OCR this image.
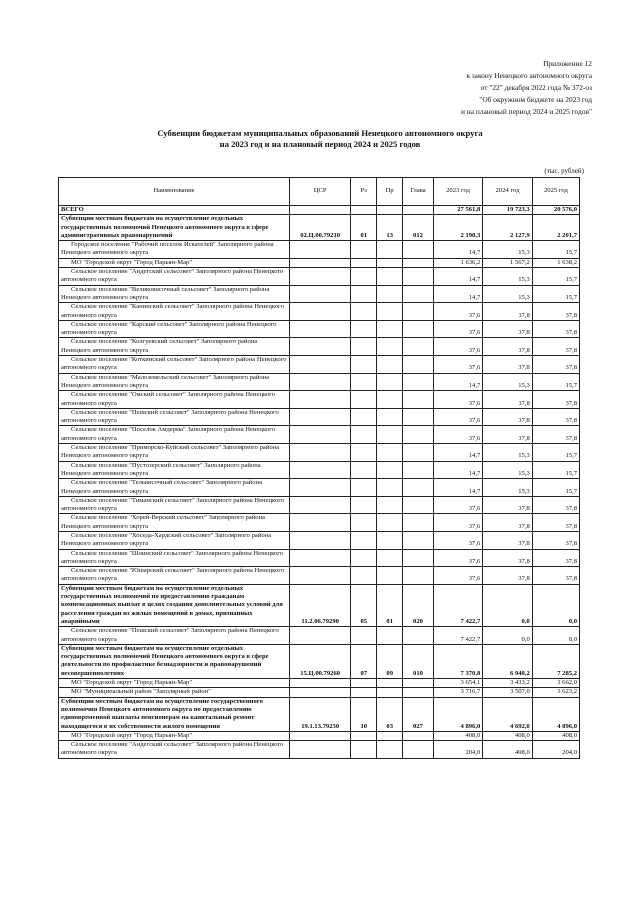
Приложение 12
к закону Ненецкого автономного округа
от "22" декабря 2022 года № 372-оз
"Об окружном бюджете на 2023 год
и на плановый период 2024 и 2025 годов"
Субвенции бюджетам муниципальных образований Ненецкого автономного округа
на 2023 год и на плановый период 2024 и 2025 годов
(тыс. рублей)
Наименование	ЦСР	Рз	Пр	Глава	2023 год	2024 год	2025 год
ВСЕГО					27 561,8	19 723,3	20 576,0
Субвенции местным бюджетам на осуществление отдельных государственных полномочий Ненецкого автономного округа в сфере административных правонарушений	02.Ц.00.79210	01	13	012	2 190,3	2 127,9	2 201,7
Городское поселение "Рабочий поселок Искателей" Заполярного района Ненецкого автономного округа					14,7	15,3	15,7
МО "Городской округ "Город Нарьян-Мар"					1 636,2	1 567,2	1 638,2
Сельское поселение "Андегский сельсовет" Заполярного района Ненецкого автономного округа					14,7	15,3	15,7
Сельское поселение "Великовисочный сельсовет" Заполярного района Ненецкого автономного округа					14,7	15,3	15,7
Сельское поселение "Канинский сельсовет" Заполярного района Ненецкого автономного округа					37,6	37,8	37,8
Сельское поселение "Карский сельсовет" Заполярного района Ненецкого автономного округа					37,6	37,8	37,8
Сельское поселение "Колгуевский сельсовет" Заполярного района Ненецкого автономного округа					37,6	37,8	37,8
Сельское поселение "Коткинский сельсовет" Заполярного района Ненецкого автономного округа					37,6	37,8	37,8
Сельское поселение "Малоземельский сельсовет" Заполярного района Ненецкого автономного округа					14,7	15,3	15,7
Сельское поселение "Омский сельсовет" Заполярного района Ненецкого автономного округа					37,6	37,8	37,8
Сельское поселение "Пешский сельсовет" Заполярного района Ненецкого автономного округа					37,6	37,8	37,8
Сельское поселение "Поселок Амдерма" Заполярного района Ненецкого автономного округа					37,6	37,8	37,8
Сельское поселение "Приморско-Куйский сельсовет" Заполярного района Ненецкого автономного округа					14,7	15,3	15,7
Сельское поселение "Пустозерский сельсовет" Заполярного района Ненецкого автономного округа					14,7	15,3	15,7
Сельское поселение "Тельвисочный сельсовет" Заполярного района Ненецкого автономного округа					14,7	15,3	15,7
Сельское поселение "Тиманский сельсовет" Заполярного района Ненецкого автономного округа					37,6	37,8	37,8
Сельское поселение "Хорей-Верский сельсовет" Заполярного района Ненецкого автономного округа					37,6	37,8	37,8
Сельское поселение "Хоседа-Хардский сельсовет" Заполярного района Ненецкого автономного округа					37,6	37,8	37,8
Сельское поселение "Шоинский сельсовет" Заполярного района Ненецкого автономного округа					37,6	37,8	37,8
Сельское поселение "Юшарский сельсовет" Заполярного района Ненецкого автономного округа					37,6	37,8	37,8
Субвенции местным бюджетам на осуществление отдельных государственных полномочий по предоставлению гражданам компенсационных выплат в целях создания дополнительных условий для расселения граждан из жилых помещений в домах, признанных аварийными	11.2.06.79290	05	01	020	7 422,7	0,0	0,0
Сельское поселение "Пешский сельсовет" Заполярного района Ненецкого автономного округа					7 422,7	0,0	0,0
Субвенции местным бюджетам на осуществление отдельных государственных полномочий Ненецкого автономного округа в сфере деятельности по профилактике безнадзорности и правонарушений несовершеннолетних	15.Ц.00.79260	07	09	010	7 370,8	6 940,2	7 285,2
МО "Городской округ "Город Нарьян-Мар"					3 654,1	3 433,2	3 662,0
МО "Муниципальный район "Заполярный район"					3 716,7	3 507,0	3 623,2
Субвенции местным бюджетам на осуществление государственного полномочия Ненецкого автономного округа по предоставлению единовременной выплаты пенсионерам на капитальный ремонт находящегося в их собственности жилого помещения	19.1.13.79230	10	03	027	4 896,0	4 692,0	4 896,0
МО "Городской округ "Город Нарьян-Мар"					408,0	408,0	408,0
Сельское поселение "Андегский сельсовет" Заполярного района Ненецкого автономного округа					204,0	408,0	204,0
